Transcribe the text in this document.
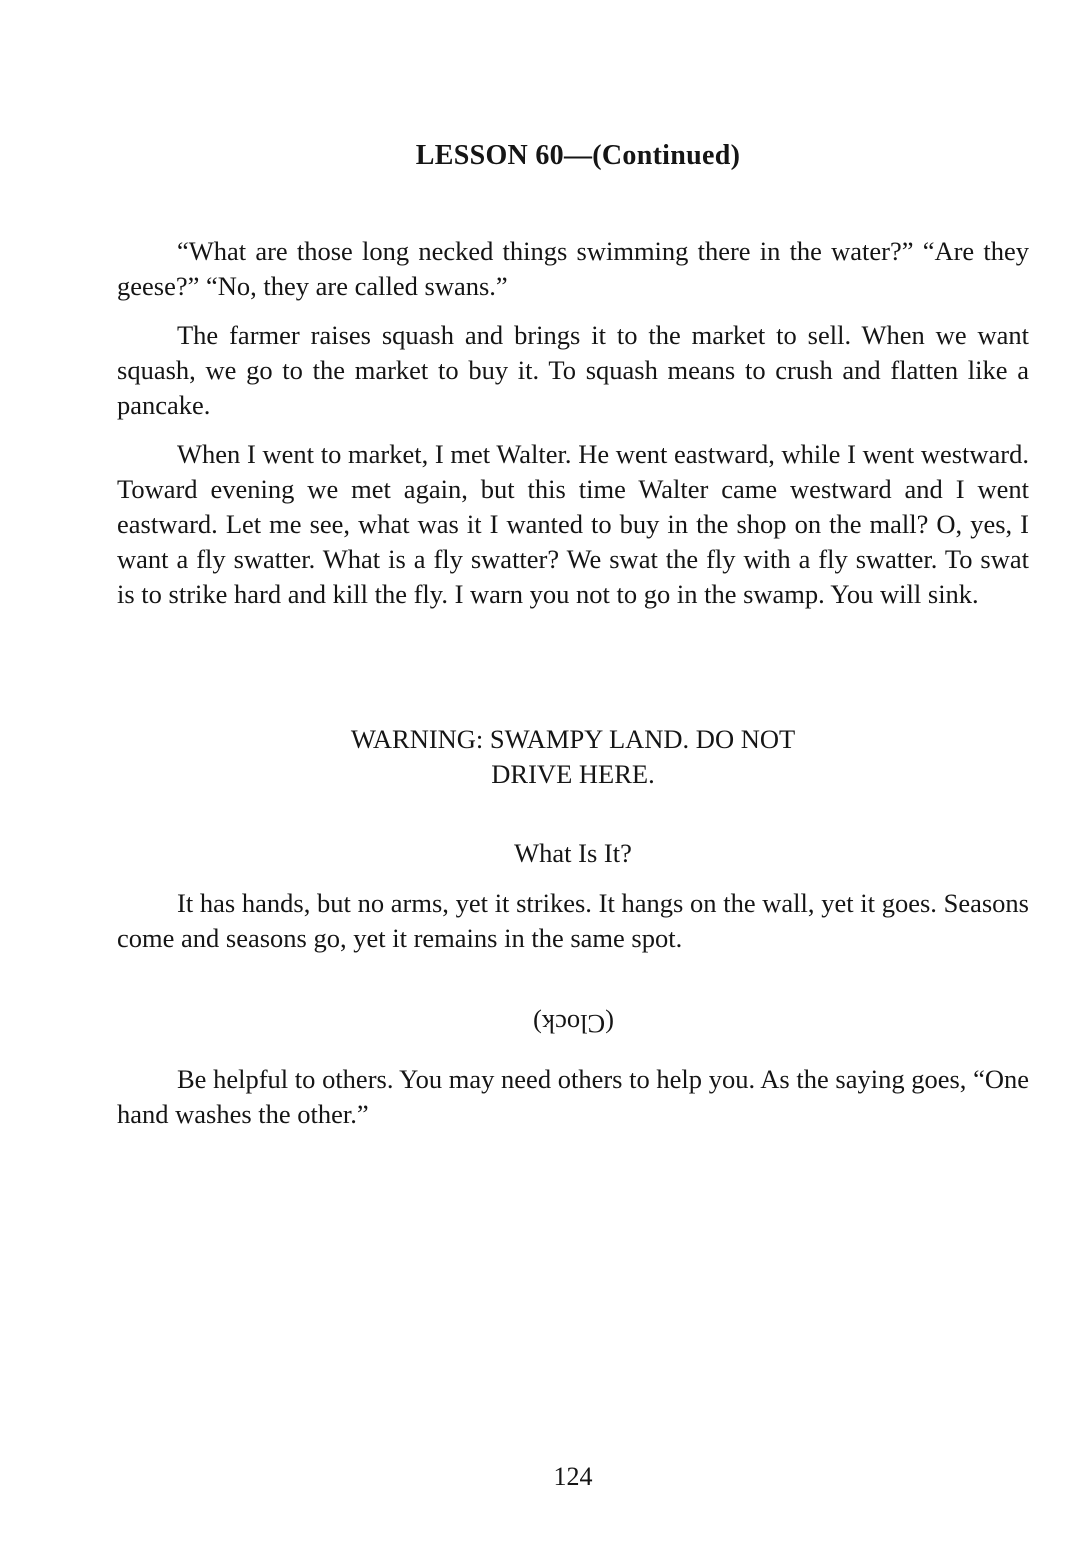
LESSON 60—(Continued)

“What are those long necked things swimming there in the water?” “Are they geese?” “No, they are called swans.”

The farmer raises squash and brings it to the market to sell. When we want squash, we go to the market to buy it. To squash means to crush and flatten like a pancake.

When I went to market, I met Walter. He went eastward, while I went westward. Toward evening we met again, but this time Walter came westward and I went eastward. Let me see, what was it I wanted to buy in the shop on the mall? O, yes, I want a fly swatter. What is a fly swatter? We swat the fly with a fly swatter. To swat is to strike hard and kill the fly. I warn you not to go in the swamp. You will sink.

WARNING: SWAMPY LAND. DO NOT
DRIVE HERE.
What Is It?

It has hands, but no arms, yet it strikes. It hangs on the wall, yet it goes. Seasons come and seasons go, yet it remains in the same spot.

(Clock)

Be helpful to others. You may need others to help you. As the saying goes, “One hand washes the other.”

124
